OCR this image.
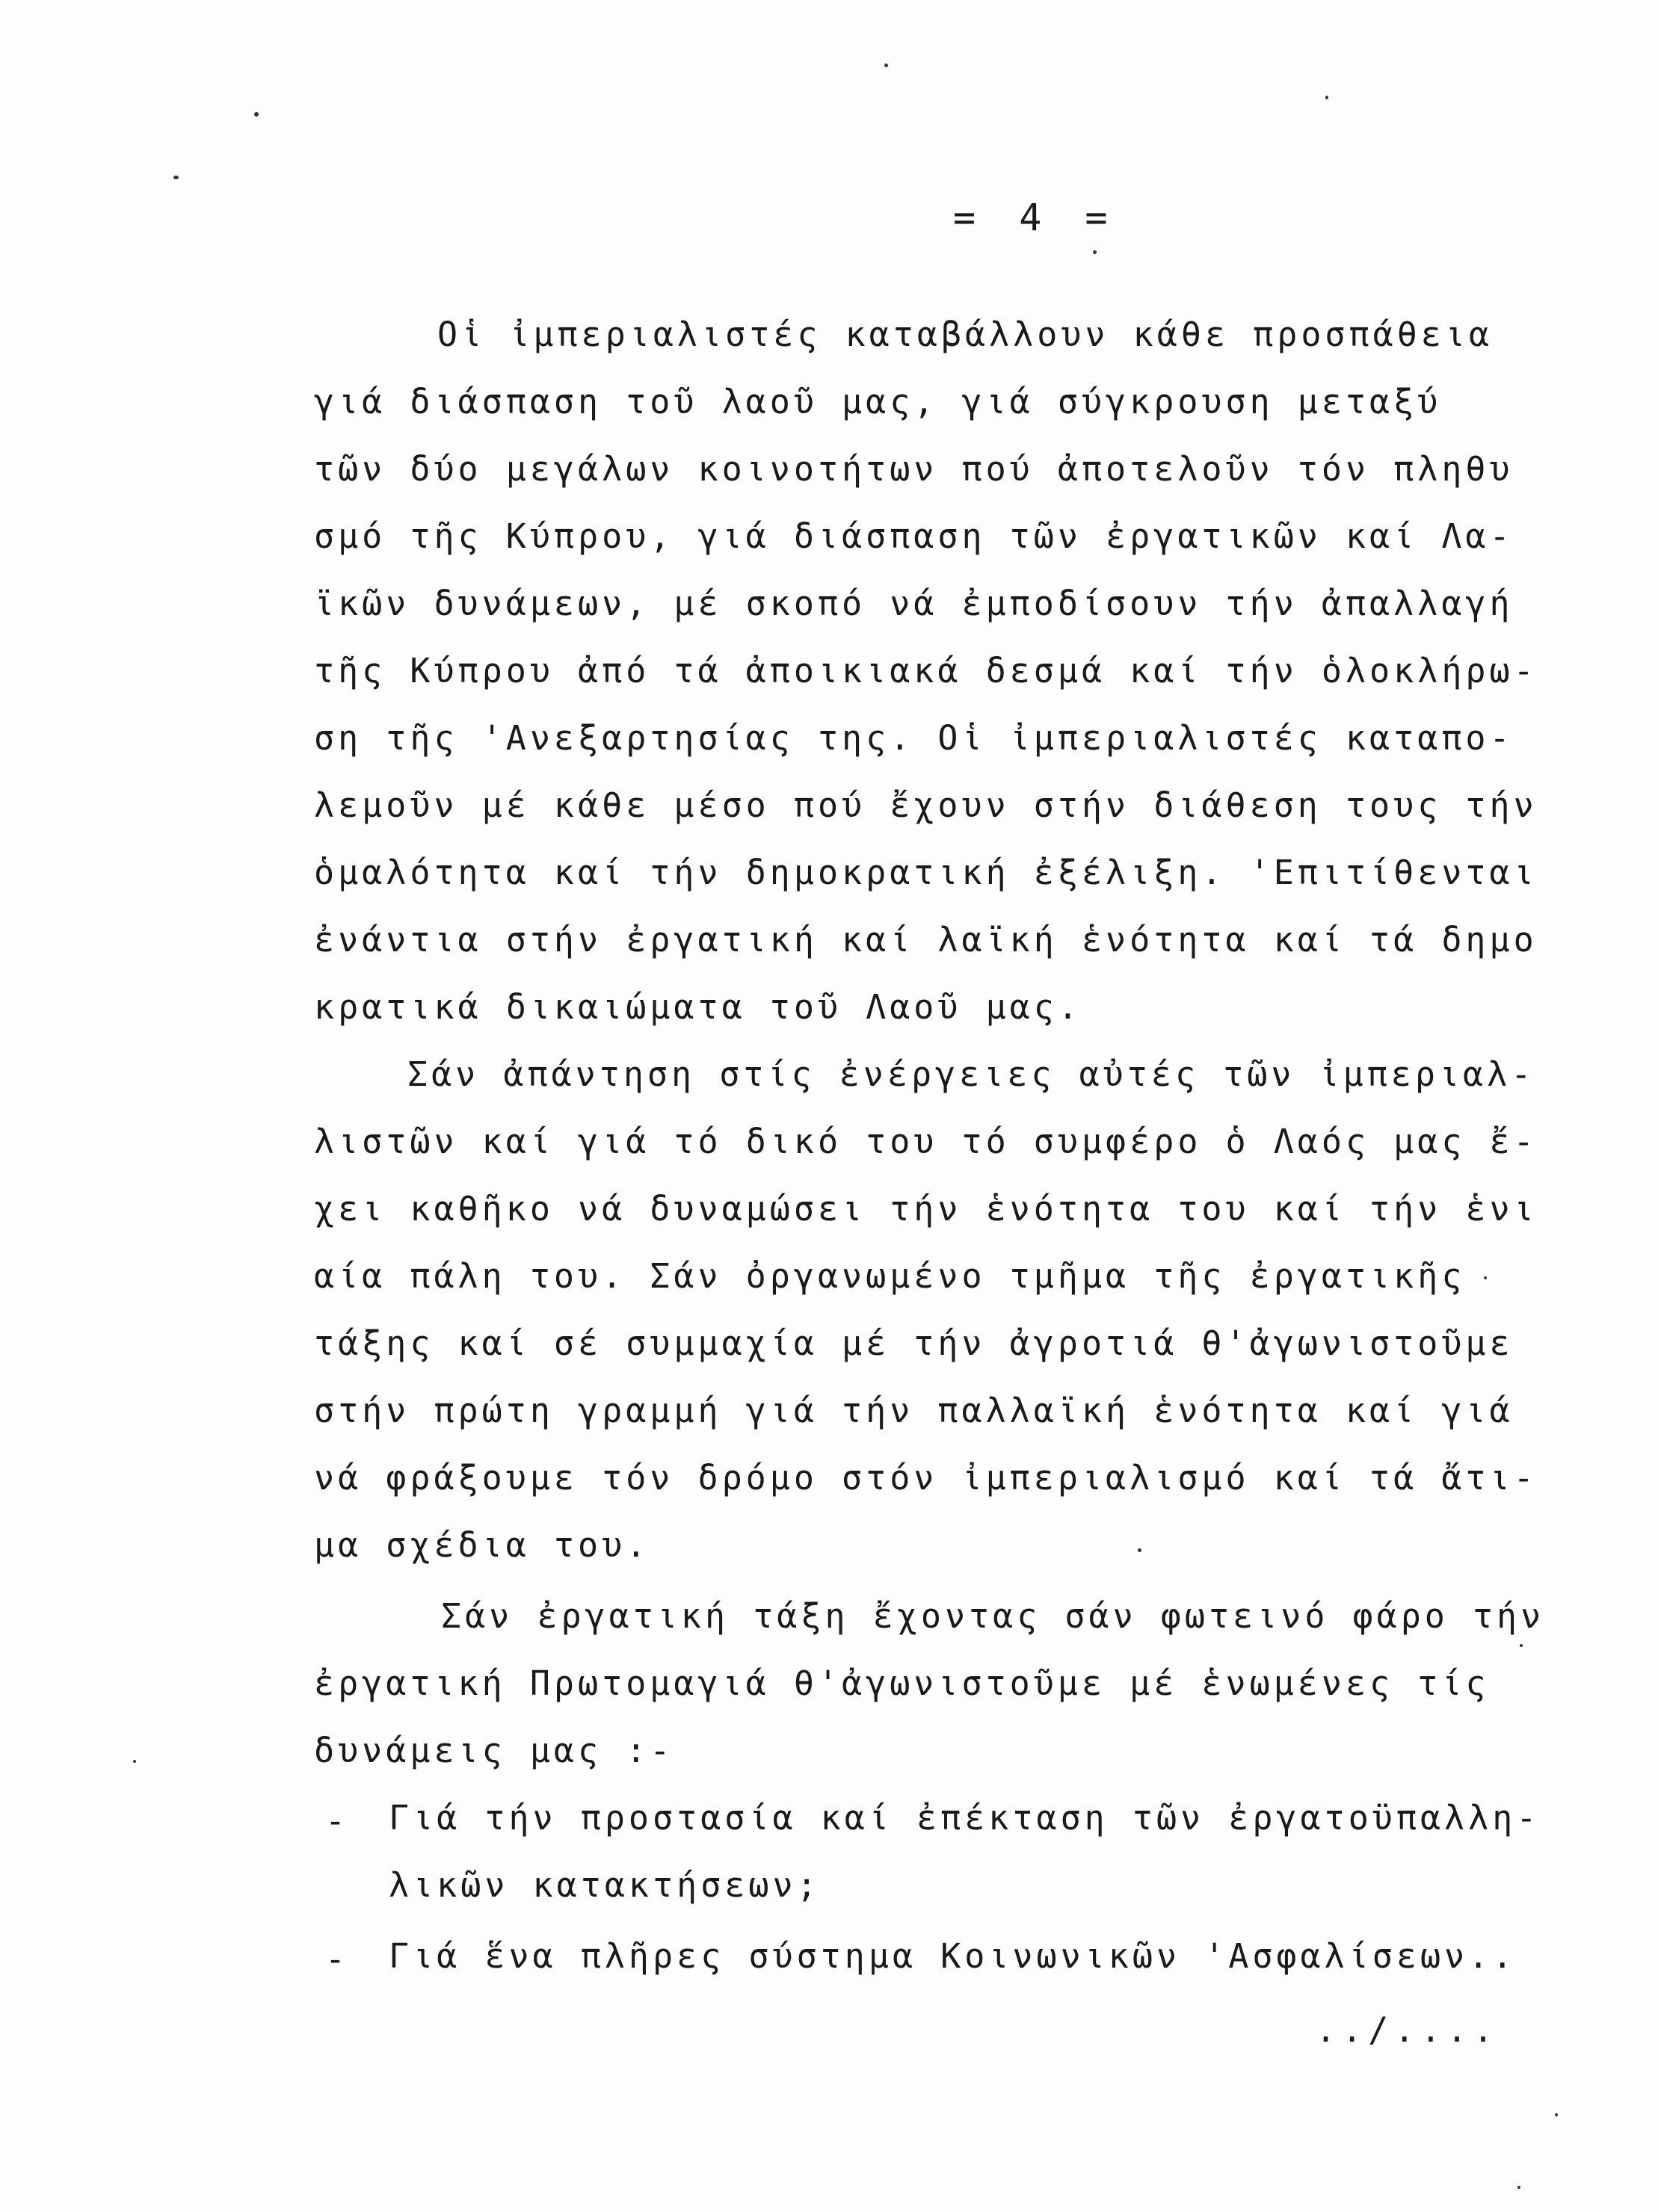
= 4 =
Οἱ ἰμπεριαλιστές καταβάλλουν κάθε προσπάθεια
γιά διάσπαση τοῦ λαοῦ μας, γιά σύγκρουση μεταξύ
τῶν δύο μεγάλων κοινοτήτων πού ἀποτελοῦν τόν πληθυ
σμό τῆς Κύπρου, γιά διάσπαση τῶν ἐργατικῶν καί Λα-
ϊκῶν δυνάμεων, μέ σκοπό νά ἐμποδίσουν τήν ἀπαλλαγή
τῆς Κύπρου ἀπό τά ἀποικιακά δεσμά καί τήν ὁλοκλήρω-
ση τῆς 'Ανεξαρτησίας της. Οἱ ἰμπεριαλιστές καταπο-
λεμοῦν μέ κάθε μέσο πού ἔχουν στήν διάθεση τους τήν
ὁμαλότητα καί τήν δημοκρατική ἐξέλιξη. 'Επιτίθενται
ἐνάντια στήν ἐργατική καί λαϊκή ἑνότητα καί τά δημο
κρατικά δικαιώματα τοῦ Λαοῦ μας.
Σάν ἀπάντηση στίς ἐνέργειες αὐτές τῶν ἰμπεριαλ-
λιστῶν καί γιά τό δικό του τό συμφέρο ὁ Λαός μας ἔ-
χει καθῆκο νά δυναμώσει τήν ἑνότητα του καί τήν ἑνι
αία πάλη του. Σάν ὀργανωμένο τμῆμα τῆς ἐργατικῆς
τάξης καί σέ συμμαχία μέ τήν ἀγροτιά θ'ἀγωνιστοῦμε
στήν πρώτη γραμμή γιά τήν παλλαϊκή ἑνότητα καί γιά
νά φράξουμε τόν δρόμο στόν ἰμπεριαλισμό καί τά ἄτι-
μα σχέδια του.
Σάν ἐργατική τάξη ἔχοντας σάν φωτεινό φάρο τήν
ἐργατική Πρωτομαγιά θ'ἀγωνιστοῦμε μέ ἑνωμένες τίς
δυνάμεις μας :-
- Γιά τήν προστασία καί ἐπέκταση τῶν ἐργατοϋπαλλη-
λικῶν κατακτήσεων;
- Γιά ἕνα πλῆρες σύστημα Κοινωνικῶν 'Ασφαλίσεων..
../....
